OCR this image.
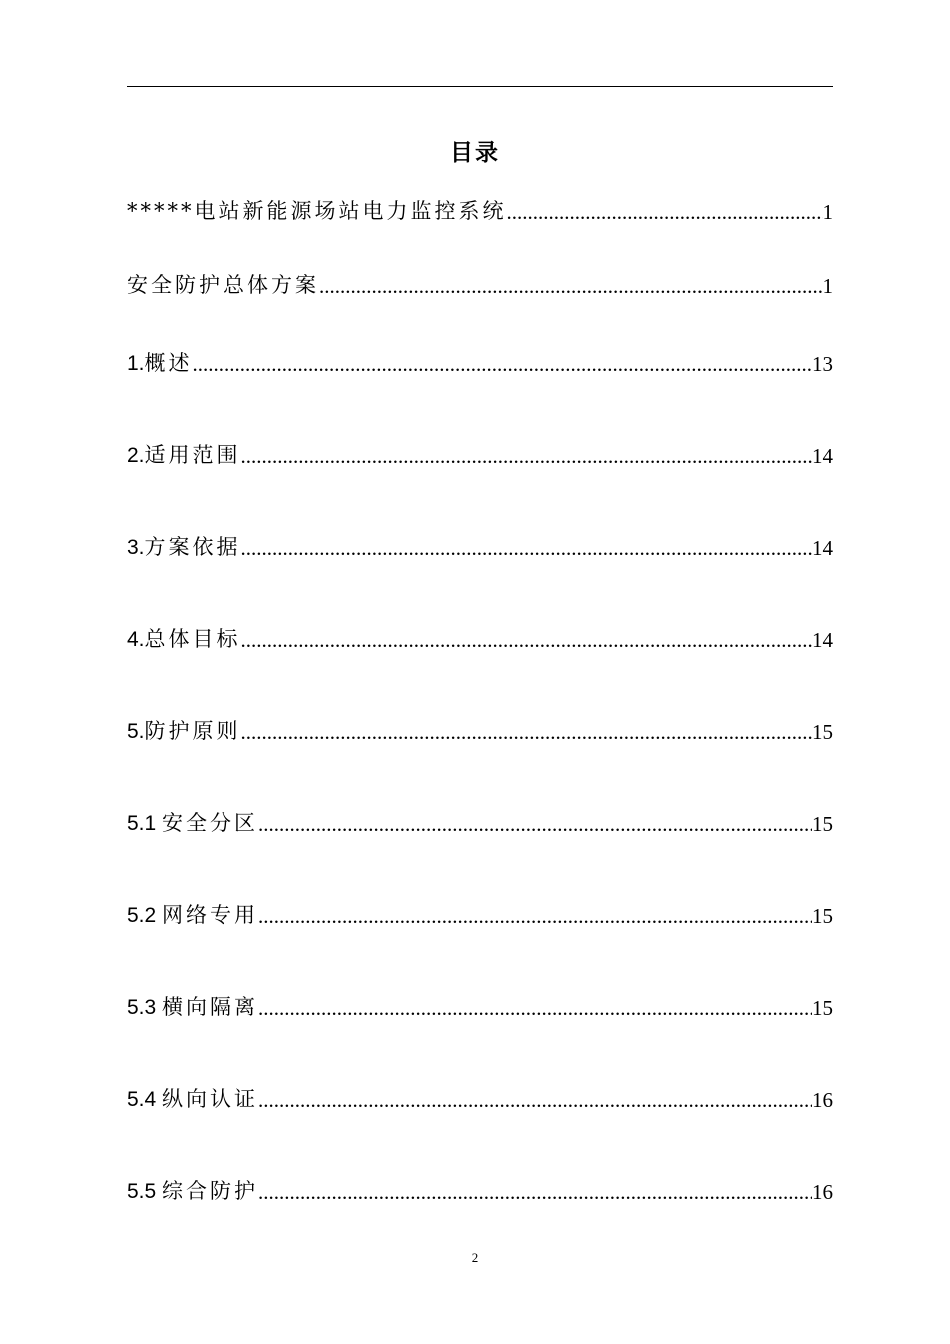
目录
*****电站新能源场站电力监控系统 .....	1
安全防护总体方案 .....	1
1.概述 .....	13
2.适用范围 .....	14
3.方案依据 .....	14
4.总体目标 .....	14
5.防护原则 .....	15
5.1 安全分区 .....	15
5.2 网络专用 .....	15
5.3 横向隔离 .....	15
5.4 纵向认证 .....	16
5.5 综合防护 .....	16
2
